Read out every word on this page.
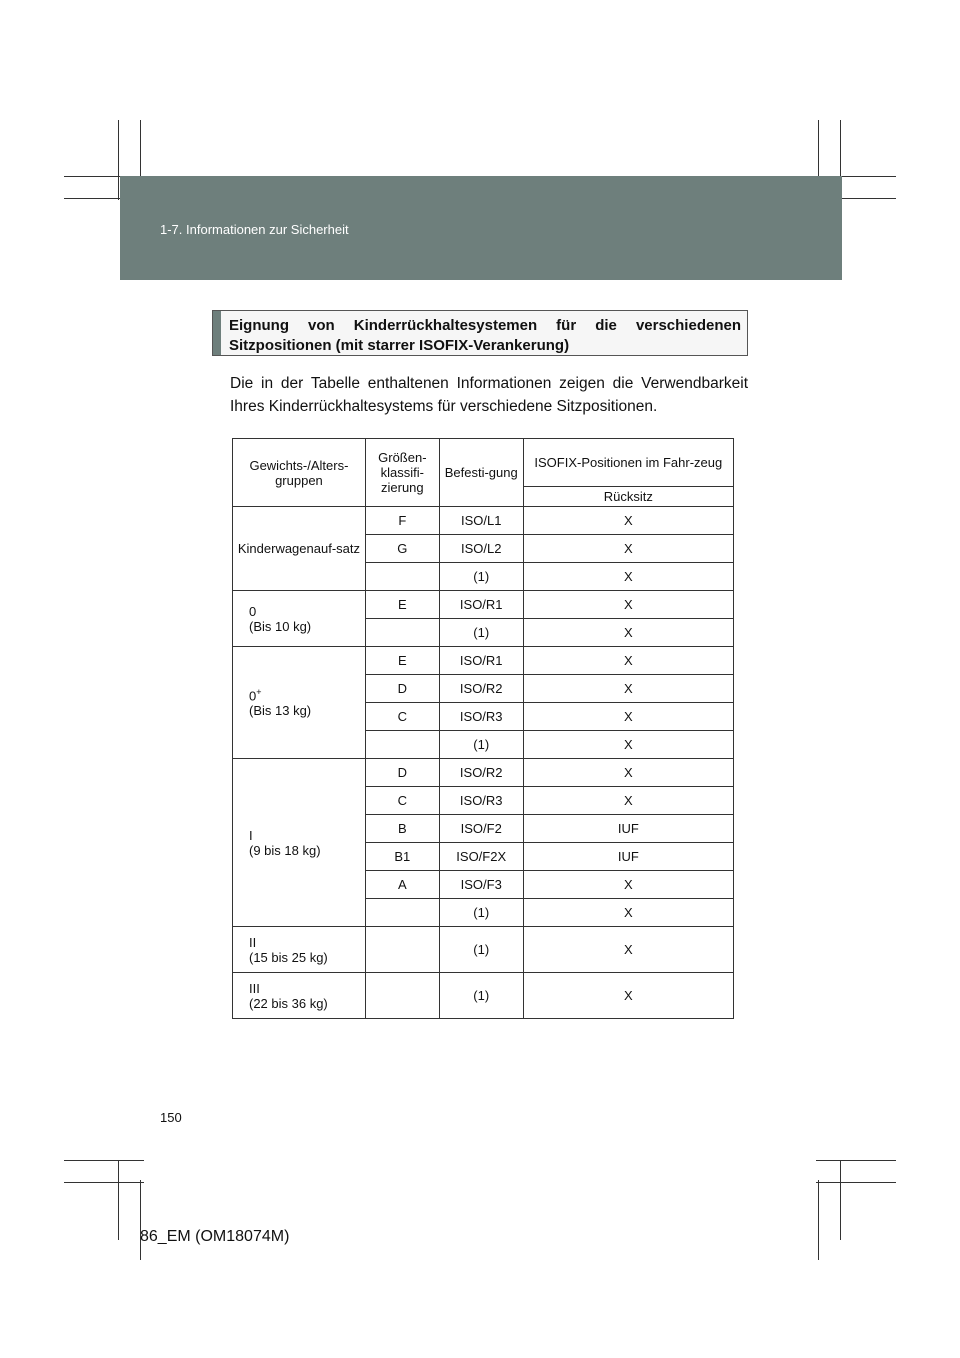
1-7. Informationen zur Sicherheit
Eignung von Kinderrückhaltesystemen für die verschiedenen Sitzpositionen (mit starrer ISOFIX-Verankerung)
Die in der Tabelle enthaltenen Informationen zeigen die Verwendbarkeit Ihres Kinderrückhaltesystems für verschiedene Sitzpositionen.
Gewichts-/Alters-gruppen	Größen-klassifi-zierung	Befesti-gung	ISOFIX-Positionen im Fahr-zeug
			Rücksitz
Kinderwagenauf-satz	F	ISO/L1	X
	G	ISO/L2	X
		(1)	X
0
(Bis 10 kg)	E	ISO/R1	X
		(1)	X
0+
(Bis 13 kg)	E	ISO/R1	X
	D	ISO/R2	X
	C	ISO/R3	X
		(1)	X
I
(9 bis 18 kg)	D	ISO/R2	X
	C	ISO/R3	X
	B	ISO/F2	IUF
	B1	ISO/F2X	IUF
	A	ISO/F3	X
		(1)	X
II
(15 bis 25 kg)		(1)	X
III
(22 bis 36 kg)		(1)	X
150
86_EM (OM18074M)
